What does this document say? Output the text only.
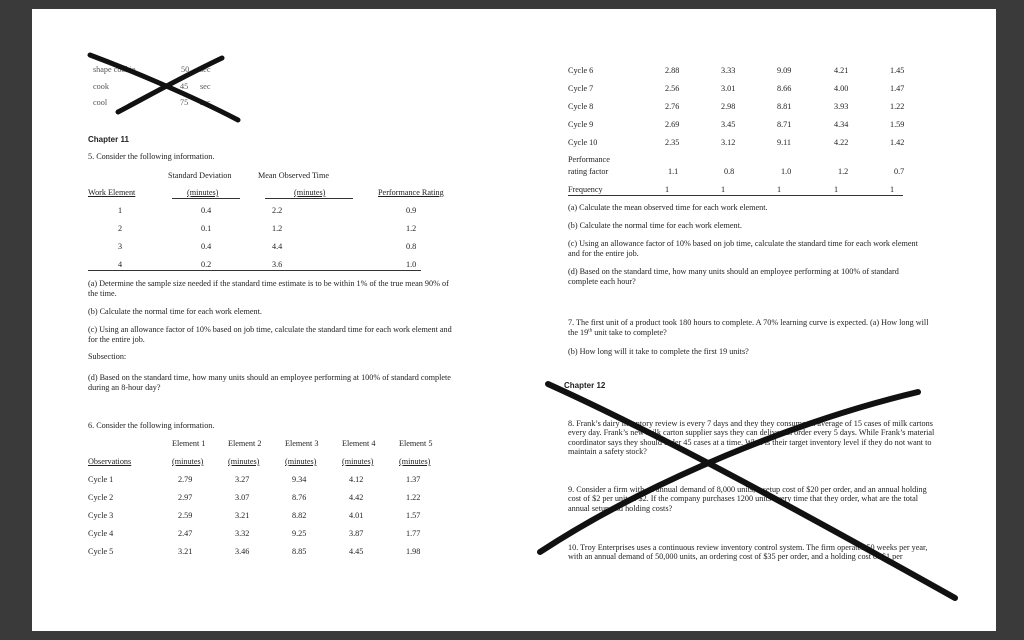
shape cookie	50 sec
cook	45 sec
cool	75 sec
Chapter 11
5. Consider the following information.
Standard Deviation	Mean Observed Time
Work Element	(minutes)	(minutes)	Performance Rating
1	0.4	2.2	0.9
2	0.1	1.2	1.2
3	0.4	4.4	0.8
4	0.2	3.6	1.0
(a) Determine the sample size needed if the standard time estimate is to be within 1% of the true mean 90% of the time.
(b) Calculate the normal time for each work element.
(c) Using an allowance factor of 10% based on job time, calculate the standard time for each work element and for the entire job.
Subsection:
(d) Based on the standard time, how many units should an employee performing at 100% of standard complete during an 8-hour day?
6. Consider the following information.
Element 1	Element 2	Element 3	Element 4	Element 5
Observations	(minutes)	(minutes)	(minutes)	(minutes)	(minutes)
Cycle 1	2.79	3.27	9.34	4.12	1.37
Cycle 2	2.97	3.07	8.76	4.42	1.22
Cycle 3	2.59	3.21	8.82	4.01	1.57
Cycle 4	2.47	3.32	9.25	3.87	1.77
Cycle 5	3.21	3.46	8.85	4.45	1.98
Cycle 6	2.88	3.33	9.09	4.21	1.45
Cycle 7	2.56	3.01	8.66	4.00	1.47
Cycle 8	2.76	2.98	8.81	3.93	1.22
Cycle 9	2.69	3.45	8.71	4.34	1.59
Cycle 10	2.35	3.12	9.11	4.22	1.42
Performance
rating factor	1.1	0.8	1.0	1.2	0.7
Frequency	1	1	1	1	1
(a) Calculate the mean observed time for each work element.
(b) Calculate the normal time for each work element.
(c) Using an allowance factor of 10% based on job time, calculate the standard time for each work element and for the entire job.
(d) Based on the standard time, how many units should an employee performing at 100% of standard complete each hour?
7. The first unit of a product took 180 hours to complete. A 70% learning curve is expected. (a) How long will the 19th unit take to complete?
(b) How long will it take to complete the first 19 units?
Chapter 12
8. Frank’s dairy inventory review is every 7 days and they they consume an average of 15 cases of milk cartons every day. Frank’s new milk carton supplier says they can deliver an order every 5 days. While Frank’s material coordinator says they should order 45 cases at a time. What is their target inventory level if they do not want to maintain a safety stock?
9. Consider a firm with an annual demand of 8,000 units, a setup cost of $20 per order, and an annual holding cost of $2 per unit of $2. If the company purchases 1200 units every time that they order, what are the total annual setup and holding costs?
10. Troy Enterprises uses a continuous review inventory control system. The firm operates 50 weeks per year, with an annual demand of 50,000 units, an ordering cost of $35 per order, and a holding cost of $1 per
